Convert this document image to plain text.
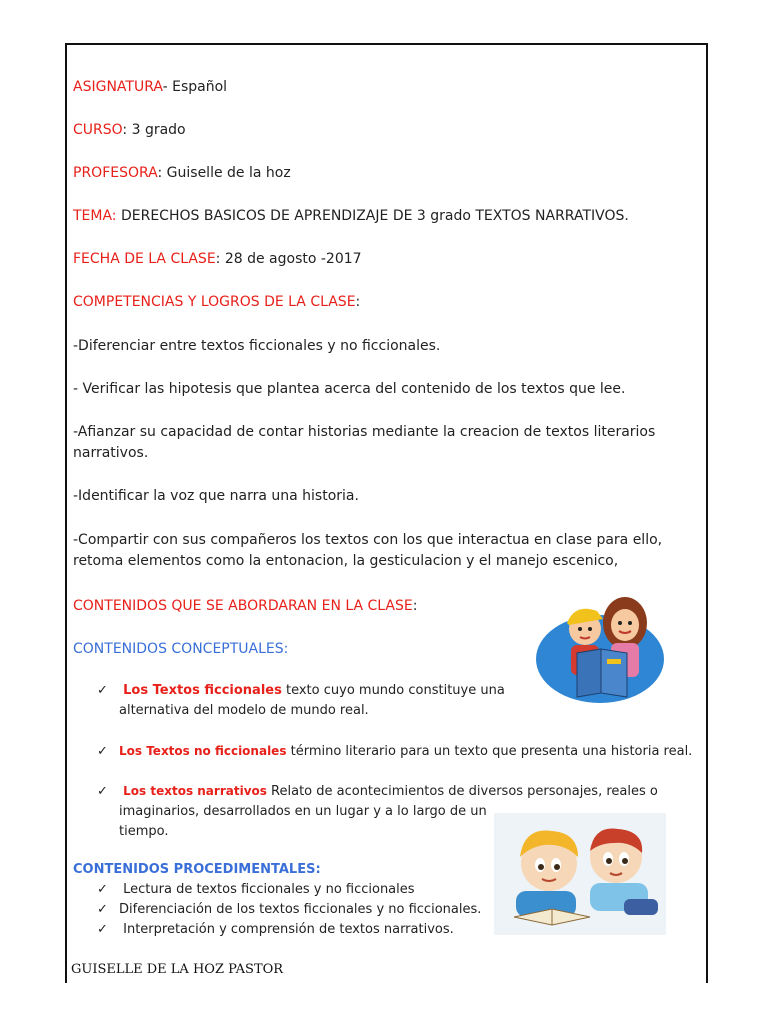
ASIGNATURA- Español
CURSO: 3 grado
PROFESORA: Guiselle de la hoz
TEMA: DERECHOS BASICOS DE APRENDIZAJE DE 3 grado TEXTOS NARRATIVOS.
FECHA DE LA CLASE: 28 de agosto -2017
COMPETENCIAS Y LOGROS DE LA CLASE:
-Diferenciar entre textos ficcionales y no ficcionales.
- Verificar las hipotesis que plantea acerca del contenido de los textos que lee.
-Afianzar su capacidad de contar historias mediante la creacion de textos literarios narrativos.
-Identificar la voz que narra una historia.
-Compartir con sus compañeros los textos con los que interactua en clase para ello, retoma elementos como la entonacion, la gesticulacion y el manejo escenico,
CONTENIDOS QUE SE ABORDARAN EN LA CLASE:
CONTENIDOS CONCEPTUALES:
✓ Los Textos ficcionales texto cuyo mundo constituye una
alternativa del modelo de mundo real.
✓ Los Textos no ficcionales término literario para un texto que presenta una historia real.
✓ Los textos narrativos Relato de acontecimientos de diversos personajes, reales o
imaginarios, desarrollados en un lugar y a lo largo de un
tiempo.
CONTENIDOS PROCEDIMENTALES:
✓ Lectura de textos ficcionales y no ficcionales
✓ Diferenciación de los textos ficcionales y no ficcionales.
✓ Interpretación y comprensión de textos narrativos.
GUISELLE DE LA HOZ PASTOR
